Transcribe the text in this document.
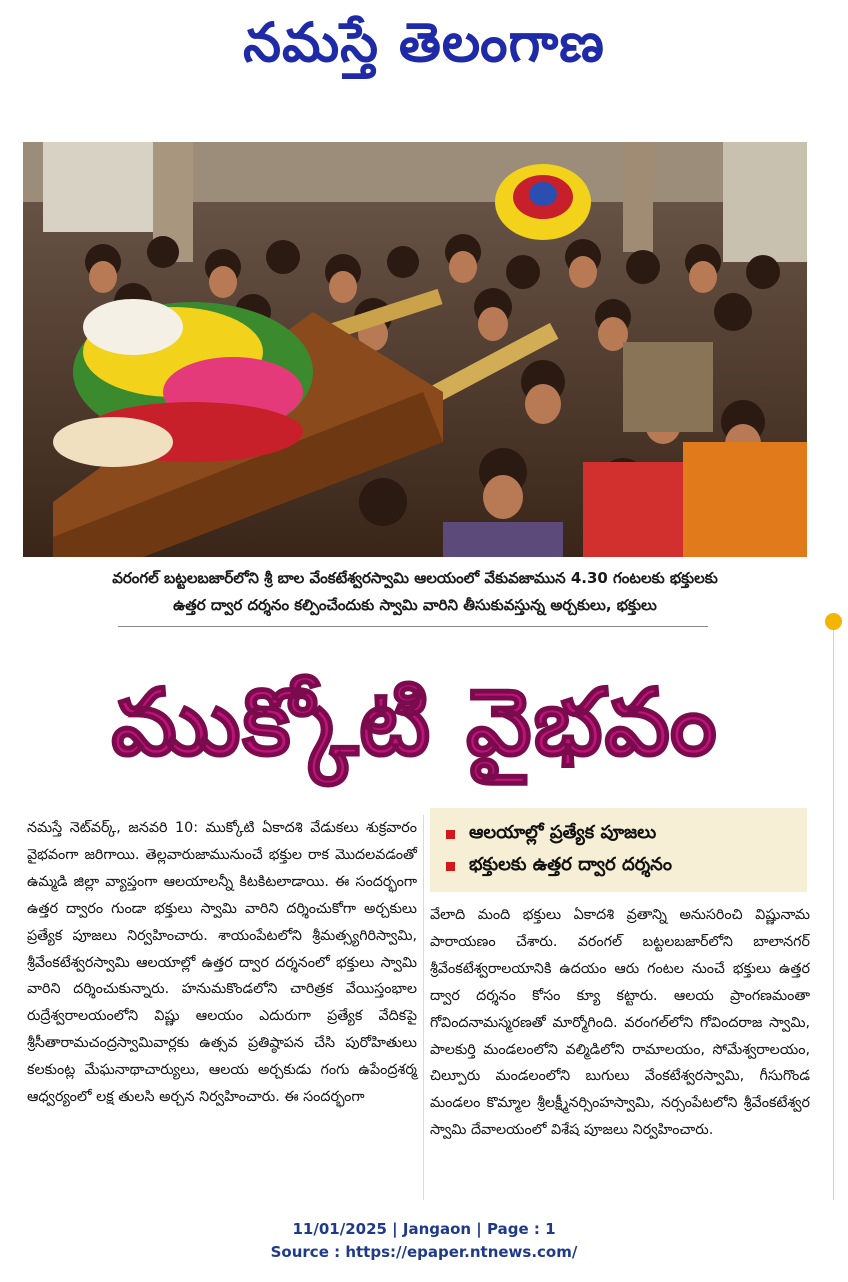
నమస్తే తెలంగాణ
వరంగల్ బట్టలబజార్‌లోని శ్రీ బాల వేంకటేశ్వరస్వామి ఆలయంలో వేకువజామున 4.30 గంటలకు భక్తులకు
ఉత్తర ద్వార దర్శనం కల్పించేందుకు స్వామి వారిని తీసుకువస్తున్న అర్చకులు, భక్తులు
ముక్కోటి వైభవం
నమస్తే నెట్‌వర్క్, జనవరి 10: ముక్కోటి ఏకాదశి వేడుకలు శుక్రవారం వైభవంగా జరిగాయి. తెల్లవారుజామునుంచే భక్తుల రాక మొదలవడంతో ఉమ్మడి జిల్లా వ్యాప్తంగా ఆలయాలన్నీ కిటకిటలాడాయి. ఈ సందర్భంగా ఉత్తర ద్వారం గుండా భక్తులు స్వామి వారిని దర్శించుకోగా అర్చకులు ప్రత్యేక పూజలు నిర్వహించారు. శాయంపేటలోని శ్రీమత్స్యగిరిస్వామి, శ్రీవేంకటేశ్వరస్వామి ఆలయాల్లో ఉత్తర ద్వార దర్శనంలో భక్తులు స్వామి వారిని దర్శించుకున్నారు. హనుమకొండలోని చారిత్రక వేయిస్తంభాల రుద్రేశ్వరాలయంలోని విష్ణు ఆలయం ఎదురుగా ప్రత్యేక వేదికపై శ్రీసీతారామచంద్రస్వామివార్లకు ఉత్సవ ప్రతిష్ఠాపన చేసి పురోహితులు కలకుంట్ల మేఘనాథాచార్యులు, ఆలయ అర్చకుడు గంగు ఉపేంద్రశర్మ ఆధ్వర్యంలో లక్ష తులసి అర్చన నిర్వహించారు. ఈ సందర్భంగా
ఆలయాల్లో ప్రత్యేక పూజలు
భక్తులకు ఉత్తర ద్వార దర్శనం
వేలాది మంది భక్తులు ఏకాదశి వ్రతాన్ని అనుసరించి విష్ణునామ పారాయణం చేశారు. వరంగల్ బట్టలబజార్‌లోని బాలానగర్ శ్రీవేంకటేశ్వరాలయానికి ఉదయం ఆరు గంటల నుంచే భక్తులు ఉత్తర ద్వార దర్శనం కోసం క్యూ కట్టారు. ఆలయ ప్రాంగణమంతా గోవిందనామస్మరణతో మార్మోగింది. వరంగల్‌లోని గోవిందరాజ స్వామి, పాలకుర్తి మండలంలోని వల్మిడిలోని రామాలయం, సోమేశ్వరాలయం, చిల్పూరు మండలంలోని బుగులు వేంకటేశ్వరస్వామి, గీసుగొండ మండలం కొమ్మాల శ్రీలక్ష్మీనర్సింహస్వామి, నర్సంపేటలోని శ్రీవేంకటేశ్వర స్వామి దేవాలయంలో విశేష పూజలు నిర్వహించారు.
11/01/2025 | Jangaon | Page : 1
Source : https://epaper.ntnews.com/
